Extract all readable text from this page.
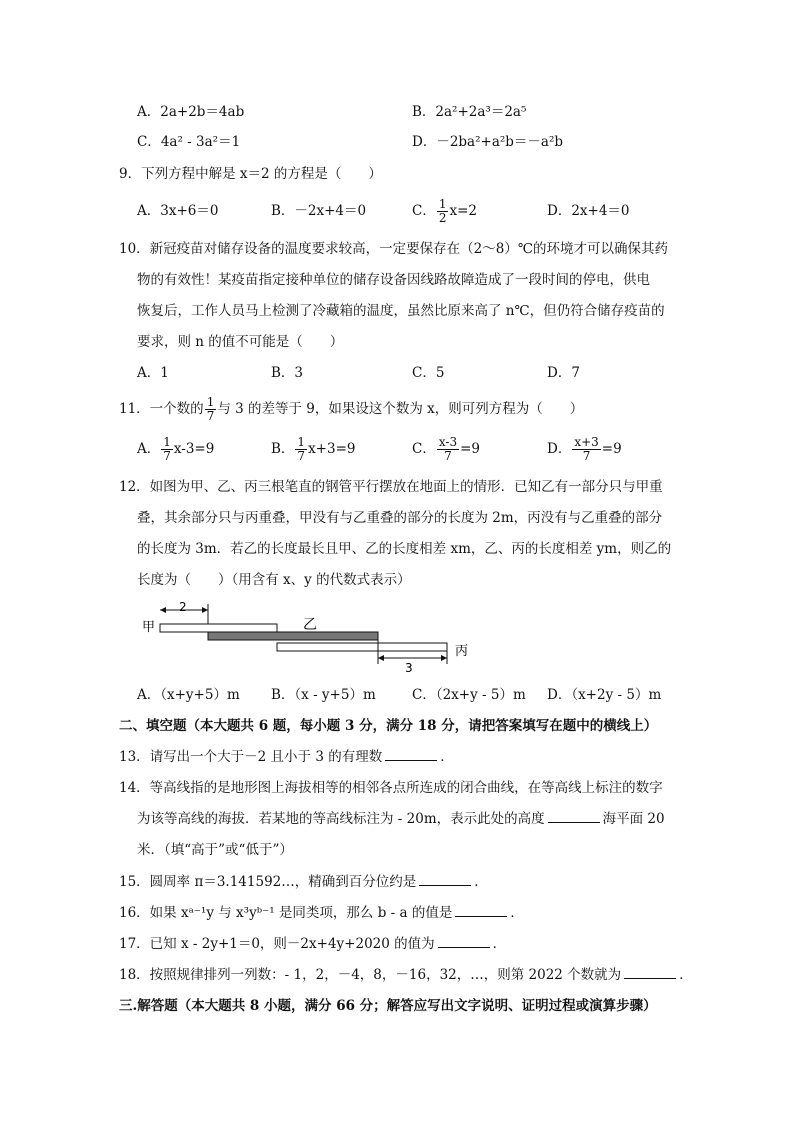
A．2a+2b＝4ab	B．2a²+2a³＝2a⁵
C．4a² - 3a²＝1	D．－2ba²+a²b＝－a²b
9．下列方程中解是 x＝2 的方程是（　　）
A．3x+6＝0	B．－2x+4＝0	C． $\frac{1}{2} x=2$	D．2x+4＝0
10．新冠疫苗对储存设备的温度要求较高，一定要保存在（2～8）℃的环境才可以确保其药
物的有效性！某疫苗指定接种单位的储存设备因线路故障造成了一段时间的停电，供电
恢复后，工作人员马上检测了冷藏箱的温度，虽然比原来高了 n℃，但仍符合储存疫苗的
要求，则 n 的值不可能是（　　）
A．1	B．3	C．5	D．7
11．一个数的 $\frac{1}{7}$ 与 3 的差等于 9，如果设这个数为 x，则可列方程为（　　）
A． $\frac{1}{7} x-3=9$	B． $\frac{1}{7} x+3=9$	C． $\frac{x-3}{7} =9$	D． $\frac{x+3}{7} =9$
12．如图为甲、乙、丙三根笔直的钢管平行摆放在地面上的情形．已知乙有一部分只与甲重
叠，其余部分只与丙重叠，甲没有与乙重叠的部分的长度为 2m，丙没有与乙重叠的部分
的长度为 3m．若乙的长度最长且甲、乙的长度相差 xm，乙、丙的长度相差 ym，则乙的
长度为（　　）（用含有 x、y 的代数式表示）
2
甲	乙
丙
3
A．（x+y+5）m B．（x - y+5）m	C．（2x+y - 5）m D．（x+2y - 5）m
二、填空题（本大题共 6 题，每小题 3 分，满分 18 分，请把答案填写在题中的横线上）
13．请写出一个大于－2 且小于 3 的有理数	．
14．等高线指的是地形图上海拔相等的相邻各点所连成的闭合曲线，在等高线上标注的数字
为该等高线的海拔．若某地的等高线标注为 - 20m，表示此处的高度	海平面 20
米．（填“高于”或“低于”）
15．圆周率 π＝3.141592…，精确到百分位约是	．
16．如果 xᵃ⁻¹y 与 x³yᵇ⁻¹ 是同类项，那么 b - a 的值是	．
17．已知 x - 2y+1＝0，则－2x+4y+2020 的值为	．
18．按照规律排列一列数：- 1，2，－4，8，－16，32，…，则第 2022 个数就为	．
三.解答题（本大题共 8 小题，满分 66 分；解答应写出文字说明、证明过程或演算步骤）
